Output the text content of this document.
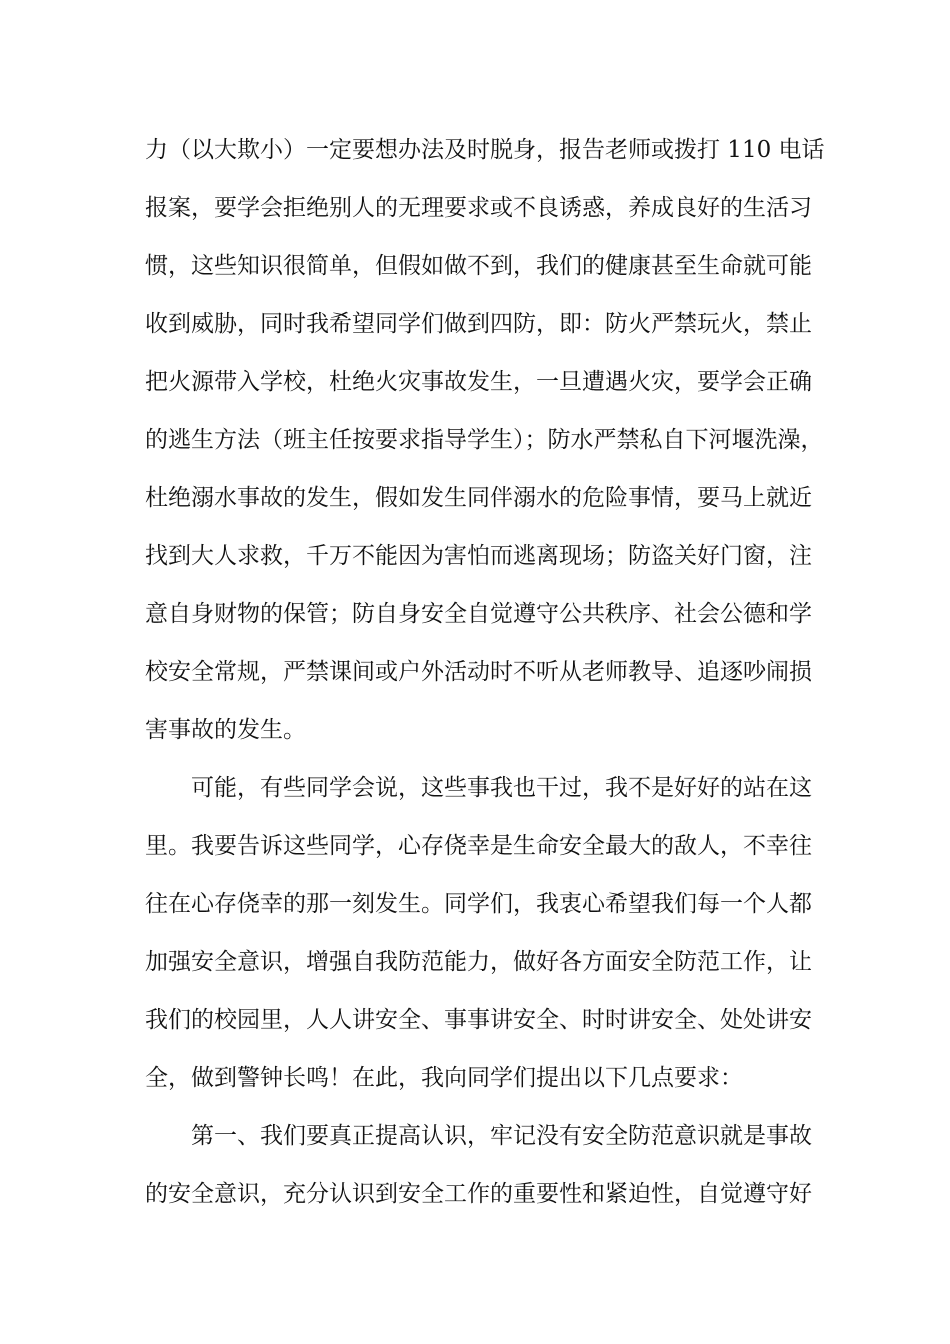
力（以大欺小）一定要想办法及时脱身，报告老师或拨打 110 电话
报案，要学会拒绝别人的无理要求或不良诱惑，养成良好的生活习
惯，这些知识很简单，但假如做不到，我们的健康甚至生命就可能
收到威胁，同时我希望同学们做到四防，即：防火严禁玩火，禁止
把火源带入学校，杜绝火灾事故发生，一旦遭遇火灾，要学会正确
的逃生方法（班主任按要求指导学生）；防水严禁私自下河堰洗澡，
杜绝溺水事故的发生，假如发生同伴溺水的危险事情，要马上就近
找到大人求救，千万不能因为害怕而逃离现场；防盗关好门窗，注
意自身财物的保管；防自身安全自觉遵守公共秩序、社会公德和学
校安全常规，严禁课间或户外活动时不听从老师教导、追逐吵闹损
害事故的发生。
可能，有些同学会说，这些事我也干过，我不是好好的站在这
里。我要告诉这些同学，心存侥幸是生命安全最大的敌人，不幸往
往在心存侥幸的那一刻发生。同学们，我衷心希望我们每一个人都
加强安全意识，增强自我防范能力，做好各方面安全防范工作，让
我们的校园里，人人讲安全、事事讲安全、时时讲安全、处处讲安
全，做到警钟长鸣！在此，我向同学们提出以下几点要求：
第一、我们要真正提高认识，牢记没有安全防范意识就是事故
的安全意识，充分认识到安全工作的重要性和紧迫性，自觉遵守好
